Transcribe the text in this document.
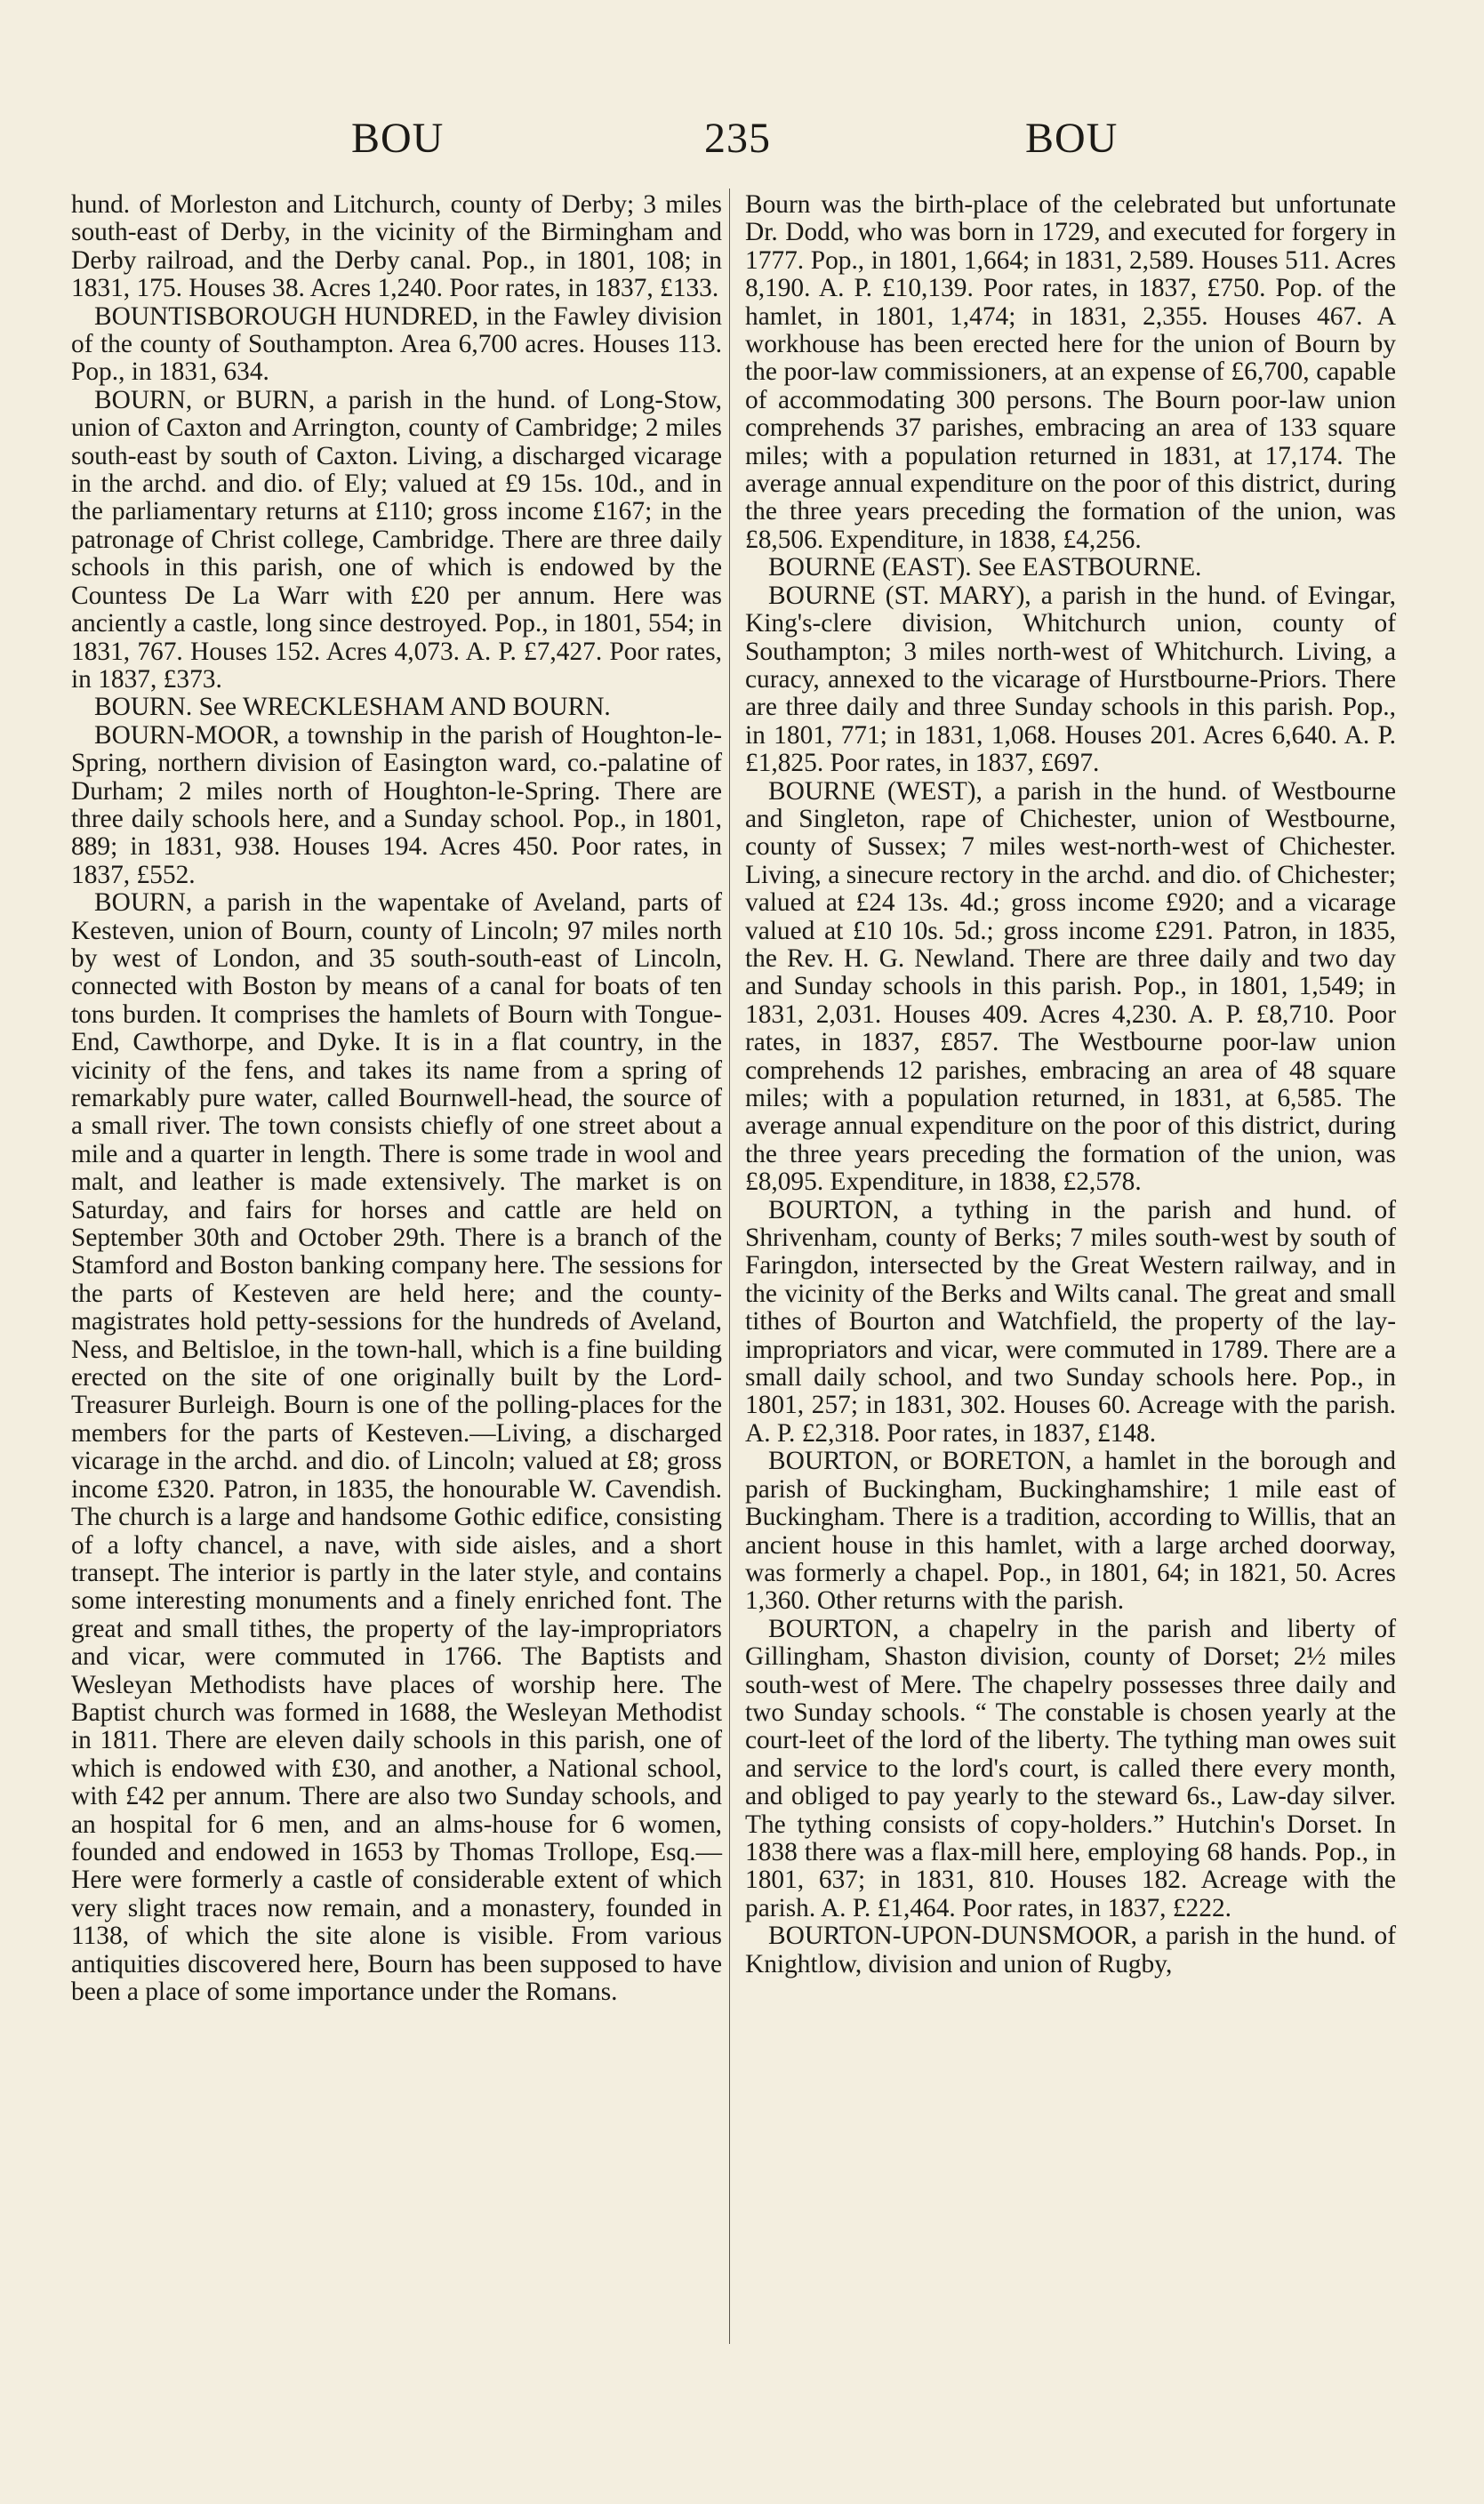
BOU	235	BOU

hund. of Morleston and Litchurch, county of Derby; 3 miles south-east of Derby, in the vicinity of the Birmingham and Derby railroad, and the Derby canal. Pop., in 1801, 108; in 1831, 175. Houses 38. Acres 1,240. Poor rates, in 1837, £133.

BOUNTISBOROUGH HUNDRED, in the Fawley division of the county of Southampton. Area 6,700 acres. Houses 113. Pop., in 1831, 634.

BOURN, or BURN, a parish in the hund. of Long-Stow, union of Caxton and Arrington, county of Cambridge; 2 miles south-east by south of Caxton. Living, a discharged vicarage in the archd. and dio. of Ely; valued at £9 15s. 10d., and in the parliamentary returns at £110; gross income £167; in the patronage of Christ college, Cambridge. There are three daily schools in this parish, one of which is endowed by the Countess De La Warr with £20 per annum. Here was anciently a castle, long since destroyed. Pop., in 1801, 554; in 1831, 767. Houses 152. Acres 4,073. A. P. £7,427. Poor rates, in 1837, £373.

BOURN. See WRECKLESHAM AND BOURN.

BOURN-MOOR, a township in the parish of Houghton-le-Spring, northern division of Easington ward, co.-palatine of Durham; 2 miles north of Houghton-le-Spring. There are three daily schools here, and a Sunday school. Pop., in 1801, 889; in 1831, 938. Houses 194. Acres 450. Poor rates, in 1837, £552.

BOURN, a parish in the wapentake of Aveland, parts of Kesteven, union of Bourn, county of Lincoln; 97 miles north by west of London, and 35 south-south-east of Lincoln, connected with Boston by means of a canal for boats of ten tons burden. It comprises the hamlets of Bourn with Tongue-End, Cawthorpe, and Dyke. It is in a flat country, in the vicinity of the fens, and takes its name from a spring of remarkably pure water, called Bournwell-head, the source of a small river. The town consists chiefly of one street about a mile and a quarter in length. There is some trade in wool and malt, and leather is made extensively. The market is on Saturday, and fairs for horses and cattle are held on September 30th and October 29th. There is a branch of the Stamford and Boston banking company here. The sessions for the parts of Kesteven are held here; and the county-magistrates hold petty-sessions for the hundreds of Aveland, Ness, and Beltisloe, in the town-hall, which is a fine building erected on the site of one originally built by the Lord-Treasurer Burleigh. Bourn is one of the polling-places for the members for the parts of Kesteven.—Living, a discharged vicarage in the archd. and dio. of Lincoln; valued at £8; gross income £320. Patron, in 1835, the honourable W. Cavendish. The church is a large and handsome Gothic edifice, consisting of a lofty chancel, a nave, with side aisles, and a short transept. The interior is partly in the later style, and contains some interesting monuments and a finely enriched font. The great and small tithes, the property of the lay-impropriators and vicar, were commuted in 1766. The Baptists and Wesleyan Methodists have places of worship here. The Baptist church was formed in 1688, the Wesleyan Methodist in 1811. There are eleven daily schools in this parish, one of which is endowed with £30, and another, a National school, with £42 per annum. There are also two Sunday schools, and an hospital for 6 men, and an alms-house for 6 women, founded and endowed in 1653 by Thomas Trollope, Esq.—Here were formerly a castle of considerable extent of which very slight traces now remain, and a monastery, founded in 1138, of which the site alone is visible. From various antiquities discovered here, Bourn has been supposed to have been a place of some importance under the Romans.

Bourn was the birth-place of the celebrated but unfortunate Dr. Dodd, who was born in 1729, and executed for forgery in 1777. Pop., in 1801, 1,664; in 1831, 2,589. Houses 511. Acres 8,190. A. P. £10,139. Poor rates, in 1837, £750. Pop. of the hamlet, in 1801, 1,474; in 1831, 2,355. Houses 467. A workhouse has been erected here for the union of Bourn by the poor-law commissioners, at an expense of £6,700, capable of accommodating 300 persons. The Bourn poor-law union comprehends 37 parishes, embracing an area of 133 square miles; with a population returned in 1831, at 17,174. The average annual expenditure on the poor of this district, during the three years preceding the formation of the union, was £8,506. Expenditure, in 1838, £4,256.

BOURNE (EAST). See EASTBOURNE.

BOURNE (ST. MARY), a parish in the hund. of Evingar, King's-clere division, Whitchurch union, county of Southampton; 3 miles north-west of Whitchurch. Living, a curacy, annexed to the vicarage of Hurstbourne-Priors. There are three daily and three Sunday schools in this parish. Pop., in 1801, 771; in 1831, 1,068. Houses 201. Acres 6,640. A. P. £1,825. Poor rates, in 1837, £697.

BOURNE (WEST), a parish in the hund. of Westbourne and Singleton, rape of Chichester, union of Westbourne, county of Sussex; 7 miles west-north-west of Chichester. Living, a sinecure rectory in the archd. and dio. of Chichester; valued at £24 13s. 4d.; gross income £920; and a vicarage valued at £10 10s. 5d.; gross income £291. Patron, in 1835, the Rev. H. G. Newland. There are three daily and two day and Sunday schools in this parish. Pop., in 1801, 1,549; in 1831, 2,031. Houses 409. Acres 4,230. A. P. £8,710. Poor rates, in 1837, £857. The Westbourne poor-law union comprehends 12 parishes, embracing an area of 48 square miles; with a population returned, in 1831, at 6,585. The average annual expenditure on the poor of this district, during the three years preceding the formation of the union, was £8,095. Expenditure, in 1838, £2,578.

BOURTON, a tything in the parish and hund. of Shrivenham, county of Berks; 7 miles south-west by south of Faringdon, intersected by the Great Western railway, and in the vicinity of the Berks and Wilts canal. The great and small tithes of Bourton and Watchfield, the property of the lay-impropriators and vicar, were commuted in 1789. There are a small daily school, and two Sunday schools here. Pop., in 1801, 257; in 1831, 302. Houses 60. Acreage with the parish. A. P. £2,318. Poor rates, in 1837, £148.

BOURTON, or BORETON, a hamlet in the borough and parish of Buckingham, Buckinghamshire; 1 mile east of Buckingham. There is a tradition, according to Willis, that an ancient house in this hamlet, with a large arched doorway, was formerly a chapel. Pop., in 1801, 64; in 1821, 50. Acres 1,360. Other returns with the parish.

BOURTON, a chapelry in the parish and liberty of Gillingham, Shaston division, county of Dorset; 2½ miles south-west of Mere. The chapelry possesses three daily and two Sunday schools. “ The constable is chosen yearly at the court-leet of the lord of the liberty. The tything man owes suit and service to the lord's court, is called there every month, and obliged to pay yearly to the steward 6s., Law-day silver. The tything consists of copy-holders.” Hutchin's Dorset. In 1838 there was a flax-mill here, employing 68 hands. Pop., in 1801, 637; in 1831, 810. Houses 182. Acreage with the parish. A. P. £1,464. Poor rates, in 1837, £222.

BOURTON-UPON-DUNSMOOR, a parish in the hund. of Knightlow, division and union of Rugby,
